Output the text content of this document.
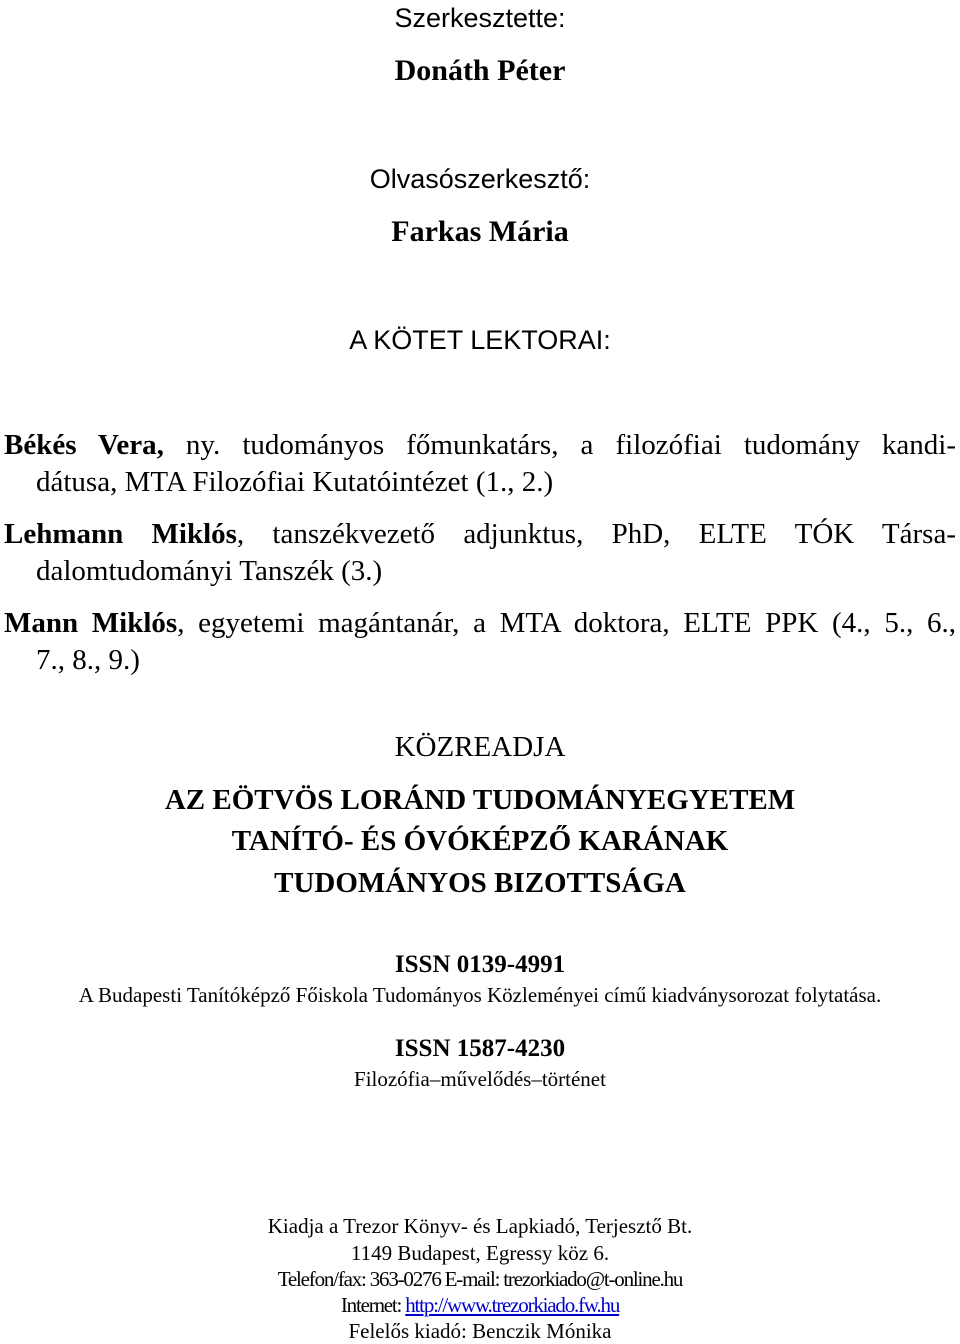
Szerkesztette:

Donáth Péter

Olvasószerkesztő:

Farkas Mária

A KÖTET LEKTORAI:

Békés Vera, ny. tudományos főmunkatárs, a filozófiai tudomány kandi-
dátusa, MTA Filozófiai Kutatóintézet (1., 2.)
Lehmann Miklós, tanszékvezető adjunktus, PhD, ELTE TÓK Társa-
dalomtudományi Tanszék (3.)
Mann Miklós, egyetemi magántanár, a MTA doktora, ELTE PPK (4., 5., 6.,
7., 8., 9.)

KÖZREADJA

AZ EÖTVÖS LORÁND TUDOMÁNYEGYETEM

TANÍTÓ- ÉS ÓVÓKÉPZŐ KARÁNAK

TUDOMÁNYOS BIZOTTSÁGA

ISSN 0139-4991

A Budapesti Tanítóképző Főiskola Tudományos Közleményei című kiadványsorozat folytatása.

ISSN 1587-4230

Filozófia–művelődés–történet

Kiadja a Trezor Könyv- és Lapkiadó, Terjesztő Bt.

1149 Budapest, Egressy köz 6.

Telefon/fax: 363-0276 E-mail: trezorkiado@t-online.hu

Internet: http://www.trezorkiado.fw.hu

Felelős kiadó: Benczik Mónika
